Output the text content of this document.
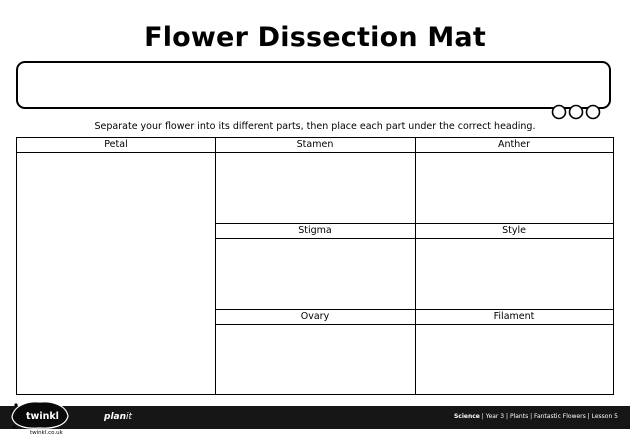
Flower Dissection Mat
Separate your flower into its different parts, then place each part under the correct heading.
Petal	Stamen	Anther
Stigma	Style
Ovary	Filament
planit	Science | Year 3 | Plants | Fantastic Flowers | Lesson 5
twinkl
twinkl.co.uk
